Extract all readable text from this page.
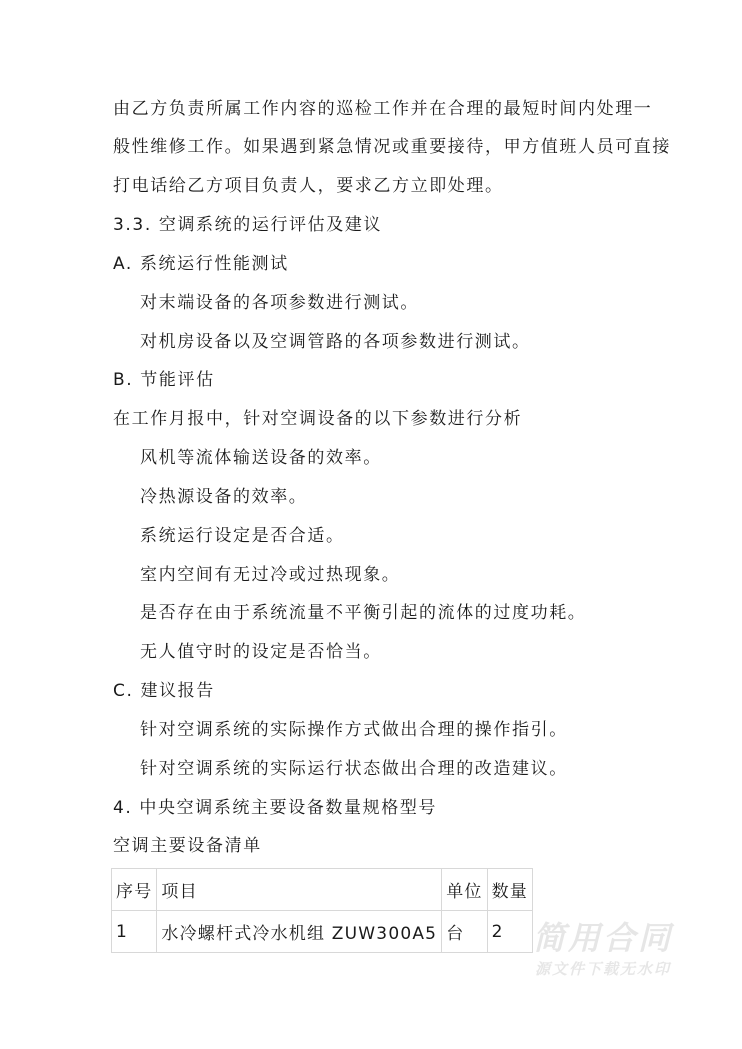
由乙方负责所属工作内容的巡检工作并在合理的最短时间内处理一
般性维修工作。如果遇到紧急情况或重要接待，甲方值班人员可直接
打电话给乙方项目负责人，要求乙方立即处理。
3.3. 空调系统的运行评估及建议
A. 系统运行性能测试
对末端设备的各项参数进行测试。
对机房设备以及空调管路的各项参数进行测试。
B. 节能评估
在工作月报中，针对空调设备的以下参数进行分析
风机等流体输送设备的效率。
冷热源设备的效率。
系统运行设定是否合适。
室内空间有无过冷或过热现象。
是否存在由于系统流量不平衡引起的流体的过度功耗。
无人值守时的设定是否恰当。
C. 建议报告
针对空调系统的实际操作方式做出合理的操作指引。
针对空调系统的实际运行状态做出合理的改造建议。
4. 中央空调系统主要设备数量规格型号
空调主要设备清单
序号	项目	单位	数量
1	水冷螺杆式冷水机组 ZUW300A5	台	2 简用合同
源文件下载无水印
